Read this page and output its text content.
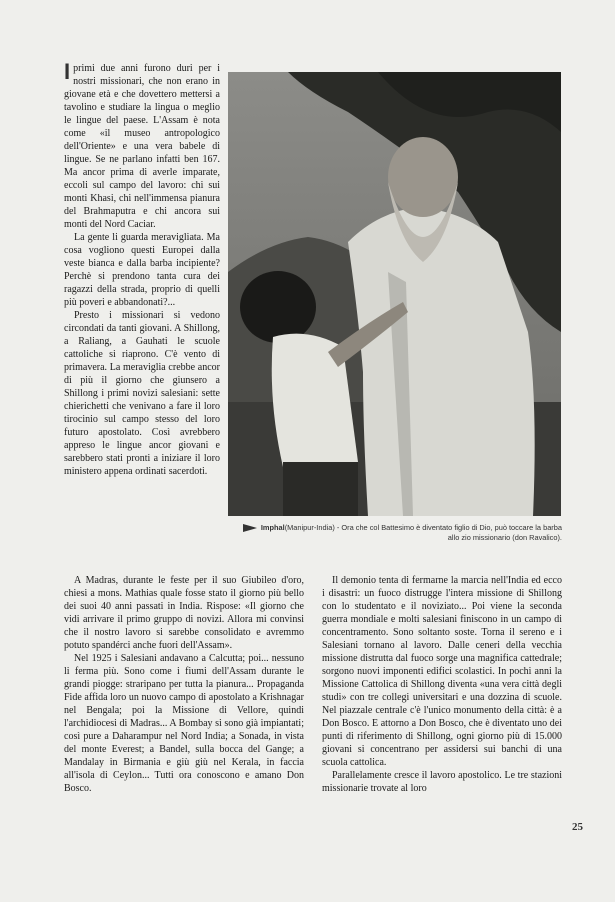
Iprimi due anni furono duri per i nostri missionari, che non erano in giovane età e che dovettero mettersi a tavolino e studiare la lingua o meglio le lingue del paese. L'Assam è nota come «il museo antropologico dell'Oriente» e una vera babele di lingue. Se ne parlano infatti ben 167. Ma ancor prima di averle imparate, eccoli sul campo del lavoro: chi sui monti Khasi, chi nell'immensa pianura del Brahmaputra e chi ancora sui monti del Nord Caciar.

La gente li guarda meravigliata. Ma cosa vogliono questi Europei dalla veste bianca e dalla barba incipiente? Perchè si prendono tanta cura dei ragazzi della strada, proprio di quelli più poveri e abbandonati?...

Presto i missionari si vedono circondati da tanti giovani. A Shillong, a Raliang, a Gauhati le scuole cattoliche si riaprono. C'è vento di primavera. La meraviglia crebbe ancor di più il giorno che giunsero a Shillong i primi novizi salesiani: sette chierichetti che venivano a fare il loro tirocinio sul campo stesso del loro futuro apostolato. Così avrebbero appreso le lingue ancor giovani e sarebbero stati pronti a iniziare il loro ministero appena ordinati sacerdoti.

Imphal(Manipur-India) - Ora che col Battesimo è diventato figlio di Dio, può toccare la barba allo zio missionario (don Ravalico).

A Madras, durante le feste per il suo Giubileo d'oro, chiesi a mons. Mathias quale fosse stato il giorno più bello dei suoi 40 anni passati in India. Rispose: «Il giorno che vidi arrivare il primo gruppo di novizi. Allora mi convinsi che il nostro lavoro si sarebbe consolidato e avremmo potuto spandérci anche fuori dell'Assam».

Nel 1925 i Salesiani andavano a Calcutta; poi... nessuno li ferma più. Sono come i fiumi dell'Assam durante le grandi piogge: straripano per tutta la pianura... Propaganda Fide affida loro un nuovo campo di apostolato a Krishnagar nel Bengala; poi la Missione di Vellore, quindi l'archidiocesi di Madras... A Bombay si sono già impiantati; così pure a Daharampur nel Nord India; a Sonada, in vista del monte Everest; a Bandel, sulla bocca del Gange; a Mandalay in Birmania e giù giù nel Kerala, in faccia all'isola di Ceylon... Tutti ora conoscono e amano Don Bosco.

Il demonio tenta di fermarne la marcia nell'India ed ecco i disastri: un fuoco distrugge l'intera missione di Shillong con lo studentato e il noviziato... Poi viene la seconda guerra mondiale e molti salesiani finiscono in un campo di concentramento. Sono soltanto soste. Torna il sereno e i Salesiani tornano al lavoro. Dalle ceneri della vecchia missione distrutta dal fuoco sorge una magnifica cattedrale; sorgono nuovi imponenti edifici scolastici. In pochi anni la Missione Cattolica di Shillong diventa «una vera città degli studi» con tre collegi universitari e una dozzina di scuole. Nel piazzale centrale c'è l'unico monumento della città: è a Don Bosco. E attorno a Don Bosco, che è diventato uno dei punti di riferimento di Shillong, ogni giorno più di 15.000 giovani si concentrano per assidersi sui banchi di una scuola cattolica.

Parallelamente cresce il lavoro apostolico. Le tre stazioni missionarie trovate al loro

25
